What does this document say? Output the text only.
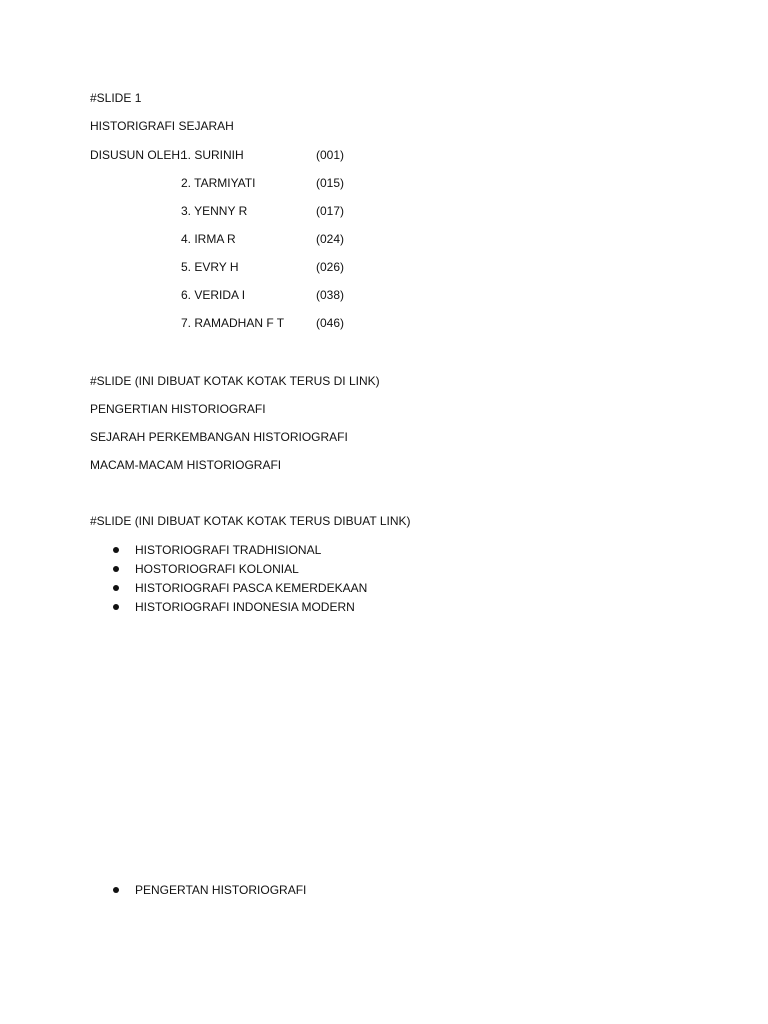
#SLIDE 1
HISTORIGRAFI SEJARAH
DISUSUN OLEH:
1. SURINIH	(001)
2. TARMIYATI	(015)
3. YENNY R	(017)
4. IRMA R	(024)
5. EVRY H	(026)
6. VERIDA I	(038)
7. RAMADHAN F T	(046)
#SLIDE (INI DIBUAT KOTAK KOTAK TERUS DI LINK)
PENGERTIAN HISTORIOGRAFI
SEJARAH PERKEMBANGAN HISTORIOGRAFI
MACAM-MACAM HISTORIOGRAFI
#SLIDE (INI DIBUAT KOTAK KOTAK TERUS DIBUAT LINK)
HISTORIOGRAFI TRADHISIONAL
HOSTORIOGRAFI KOLONIAL
HISTORIOGRAFI PASCA KEMERDEKAAN
HISTORIOGRAFI INDONESIA MODERN
PENGERTAN HISTORIOGRAFI
